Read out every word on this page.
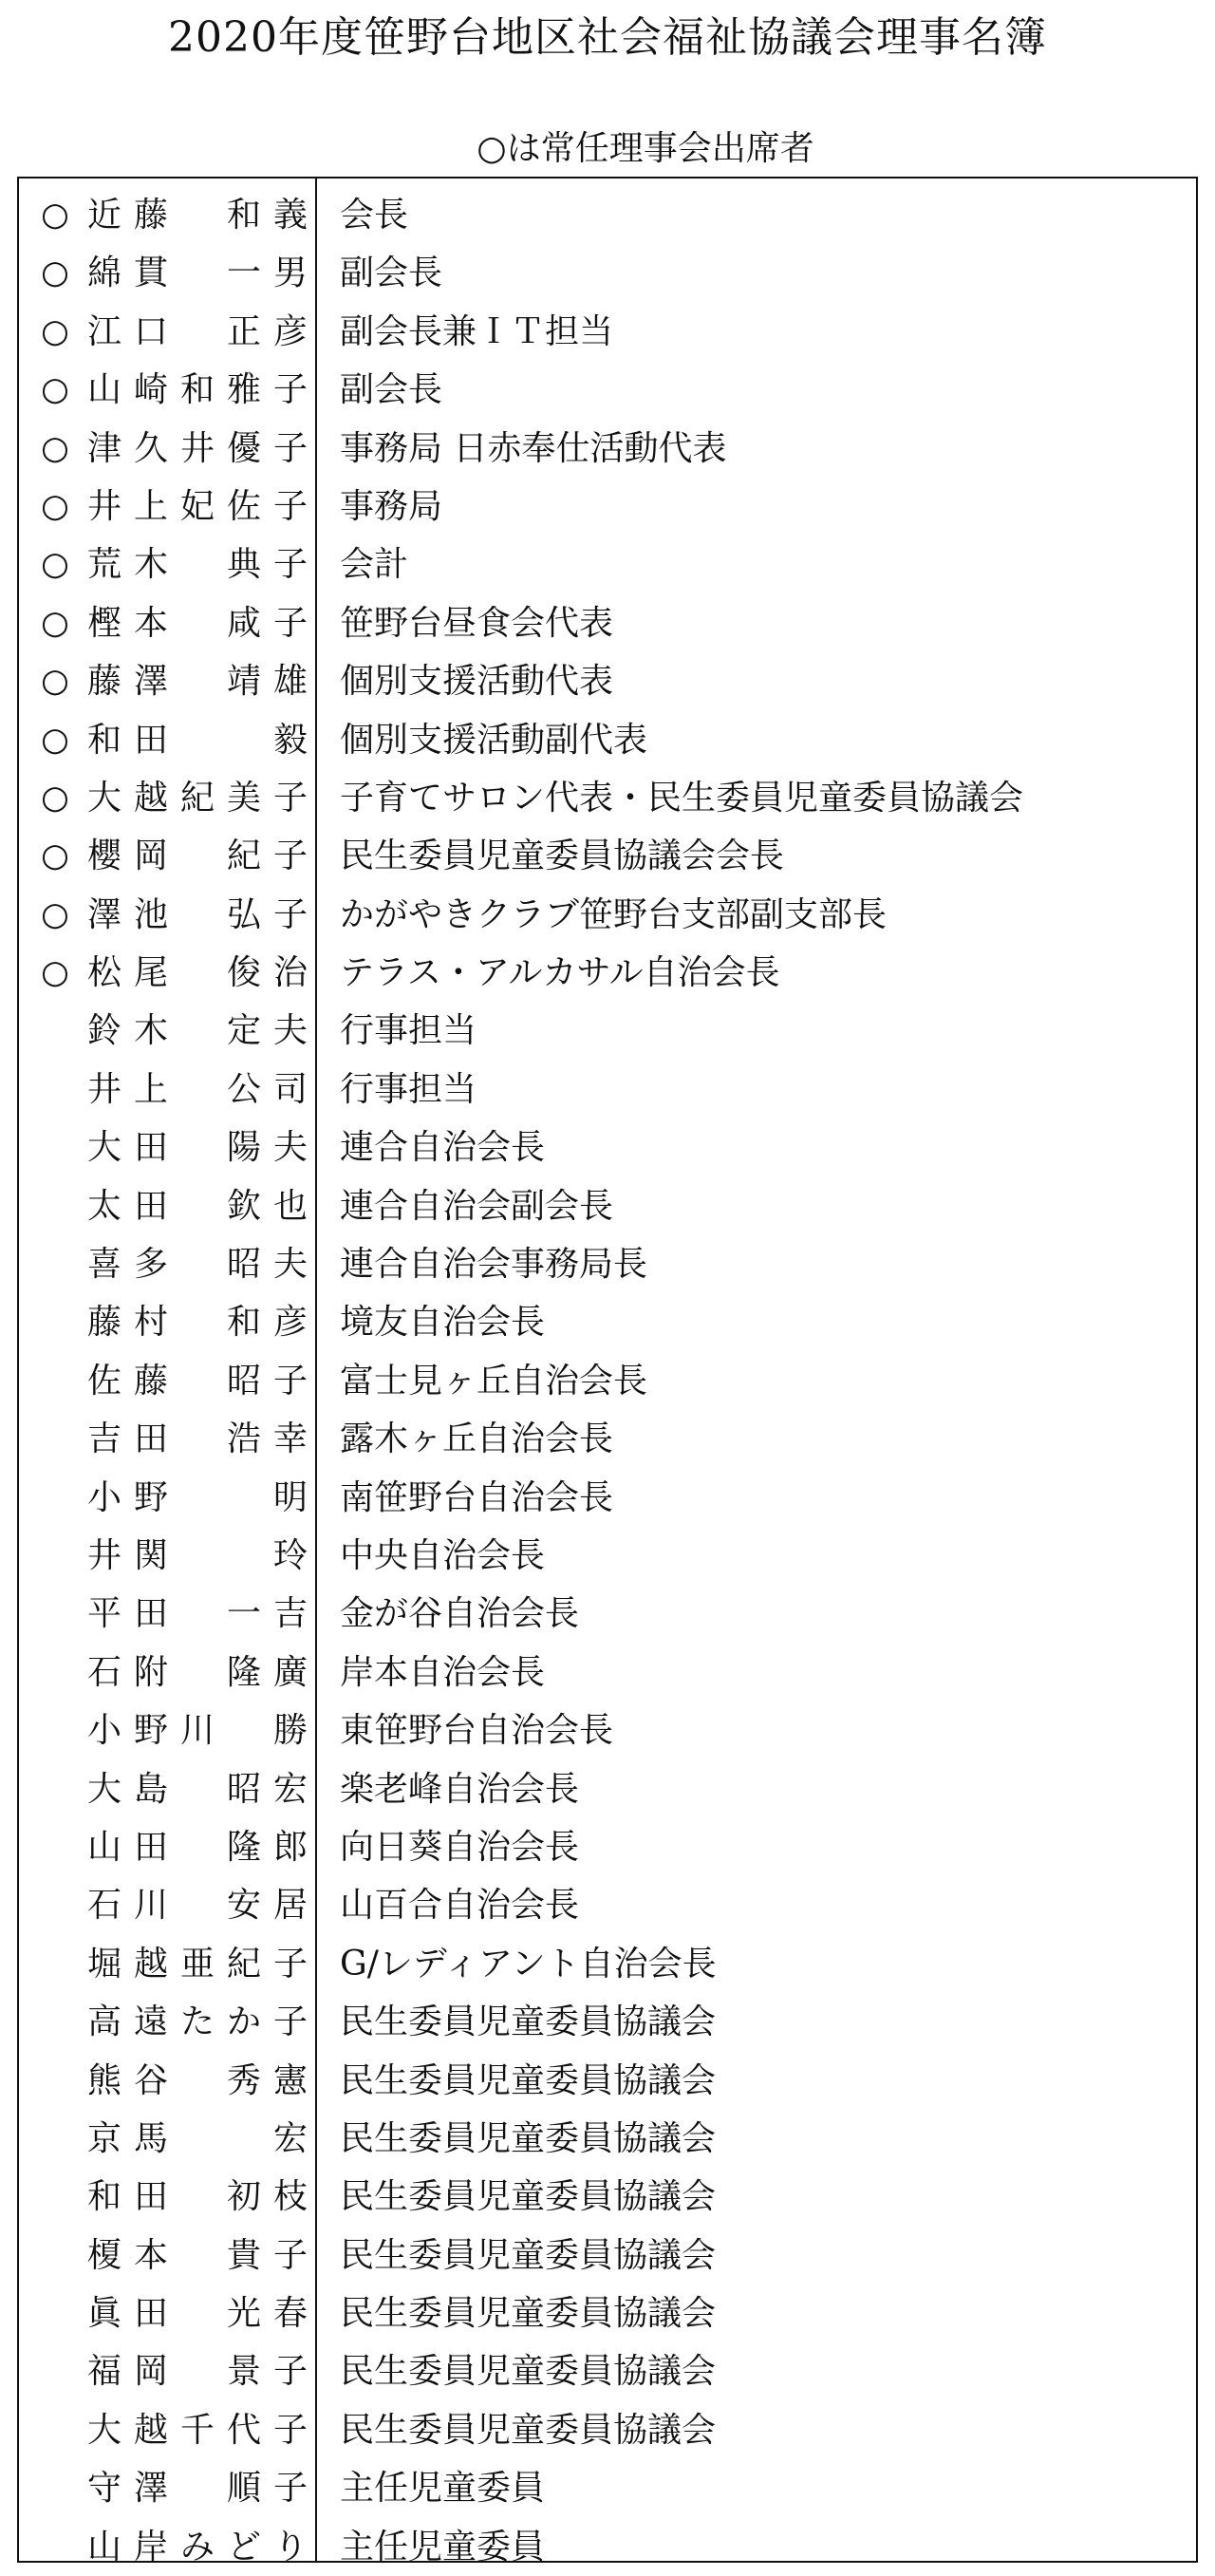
2020年度笹野台地区社会福祉協議会理事名簿
○は常任理事会出席者
○ 近藤　和義 会長
○ 綿貫　一男 副会長
○ 江口　正彦 副会長兼ＩＴ担当
○ 山崎和雅子 副会長
○ 津久井優子 事務局 日赤奉仕活動代表
○ 井上妃佐子 事務局
○ 荒木　典子 会計
○ 樫本　咸子 笹野台昼食会代表
○ 藤澤　靖雄 個別支援活動代表
○ 和田　　毅 個別支援活動副代表
○ 大越紀美子 子育てサロン代表・民生委員児童委員協議会
○ 櫻岡　紀子 民生委員児童委員協議会会長
○ 澤池　弘子 かがやきクラブ笹野台支部副支部長
○ 松尾　俊治 テラス・アルカサル自治会長
鈴木　定夫 行事担当
井上　公司 行事担当
大田　陽夫 連合自治会長
太田　欽也 連合自治会副会長
喜多　昭夫 連合自治会事務局長
藤村　和彦 境友自治会長
佐藤　昭子 富士見ヶ丘自治会長
吉田　浩幸 露木ヶ丘自治会長
小野　　明 南笹野台自治会長
井関　　玲 中央自治会長
平田　一吉 金が谷自治会長
石附　隆廣 岸本自治会長
小野川　勝 東笹野台自治会長
大島　昭宏 楽老峰自治会長
山田　隆郎 向日葵自治会長
石川　安居 山百合自治会長
堀越亜紀子 G/レディアント自治会長
高遠たか子 民生委員児童委員協議会
熊谷　秀憲 民生委員児童委員協議会
京馬　　宏 民生委員児童委員協議会
和田　初枝 民生委員児童委員協議会
榎本　貴子 民生委員児童委員協議会
眞田　光春 民生委員児童委員協議会
福岡　景子 民生委員児童委員協議会
大越千代子 民生委員児童委員協議会
守澤　順子 主任児童委員
山岸みどり 主任児童委員
